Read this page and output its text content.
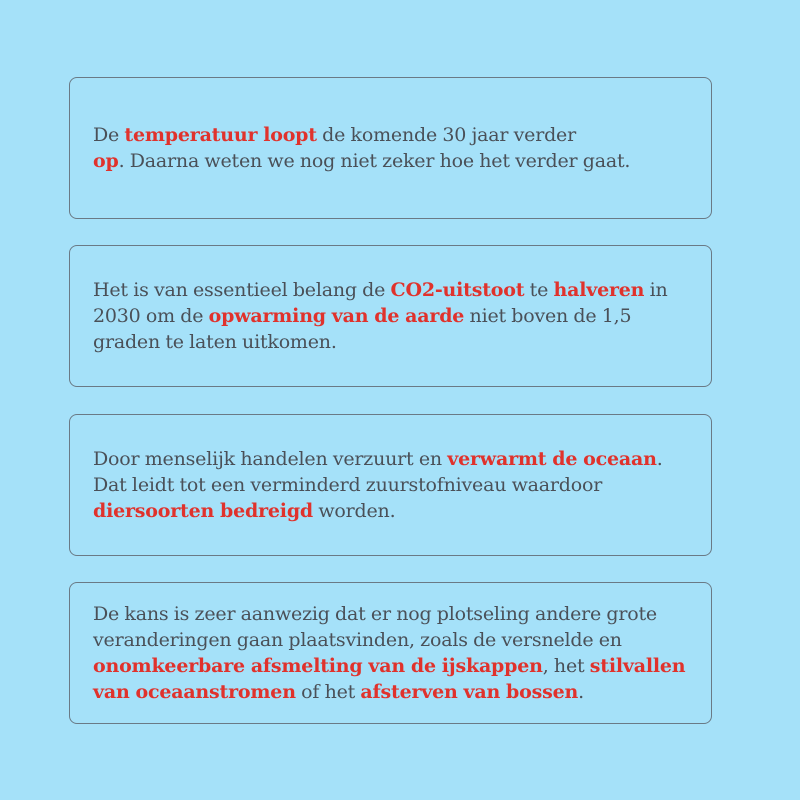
De temperatuur loopt de komende 30 jaar verder op. Daarna weten we nog niet zeker hoe het verder gaat.

Het is van essentieel belang de CO2-uitstoot te halveren in 2030 om de opwarming van de aarde niet boven de 1,5 graden te laten uitkomen.

Door menselijk handelen verzuurt en verwarmt de oceaan. Dat leidt tot een verminderd zuurstofniveau waardoor diersoorten bedreigd worden.

De kans is zeer aanwezig dat er nog plotseling andere grote veranderingen gaan plaatsvinden, zoals de versnelde en onomkeerbare afsmelting van de ijskappen, het stilvallen van oceaanstromen of het afsterven van bossen.
